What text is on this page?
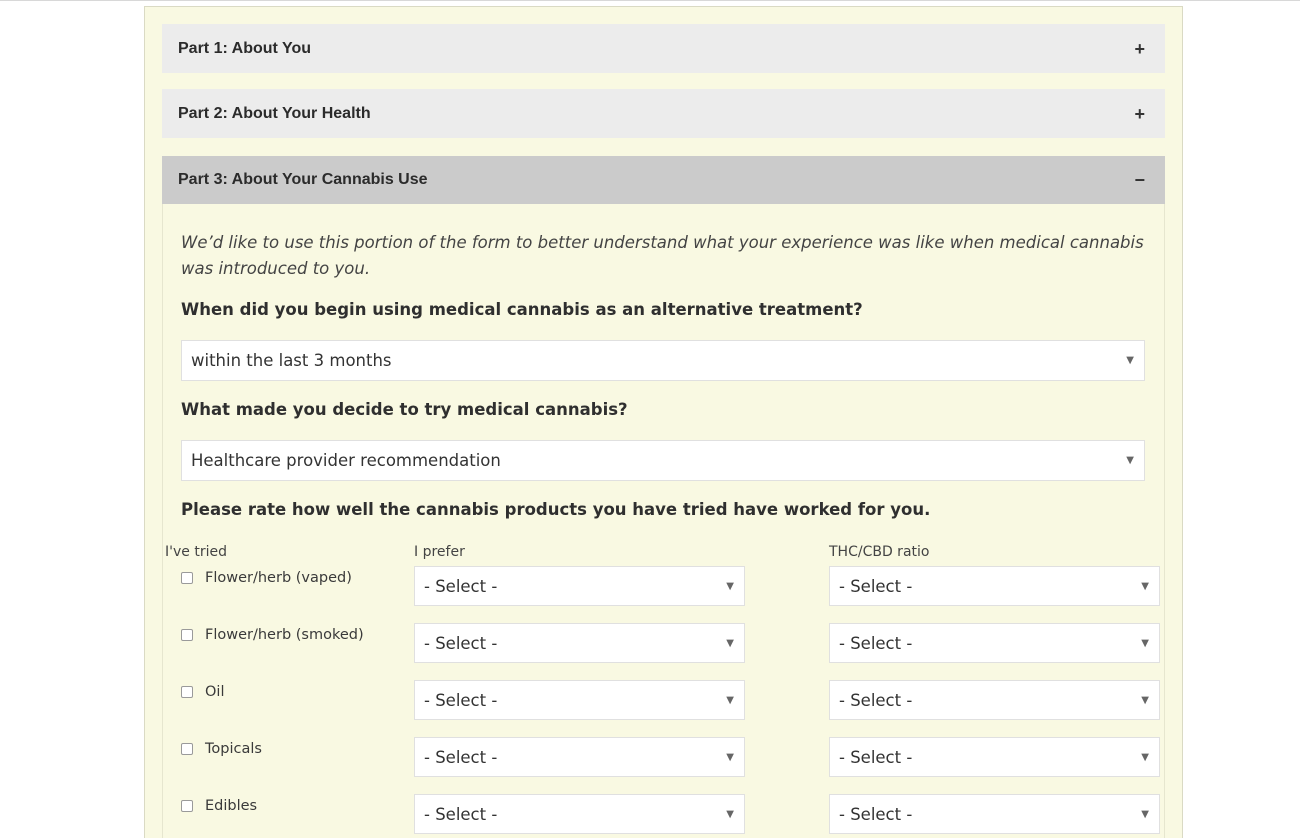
Part 1: About You	+
Part 2: About Your Health	+
Part 3: About Your Cannabis Use	−
We’d like to use this portion of the form to better understand what your experience was like when medical cannabis was introduced to you.
When did you begin using medical cannabis as an alternative treatment?
within the last 3 months	▼
What made you decide to try medical cannabis?
Healthcare provider recommendation	▼
Please rate how well the cannabis products you have tried have worked for you.
I've tried	I prefer	THC/CBD ratio
Flower/herb (vaped)	- Select -	▼	- Select -	▼
Flower/herb (smoked)	- Select -	▼	- Select -	▼
Oil	- Select -	▼	- Select -	▼
Topicals	- Select -	▼	- Select -	▼
Edibles	- Select -	▼	- Select -	▼
